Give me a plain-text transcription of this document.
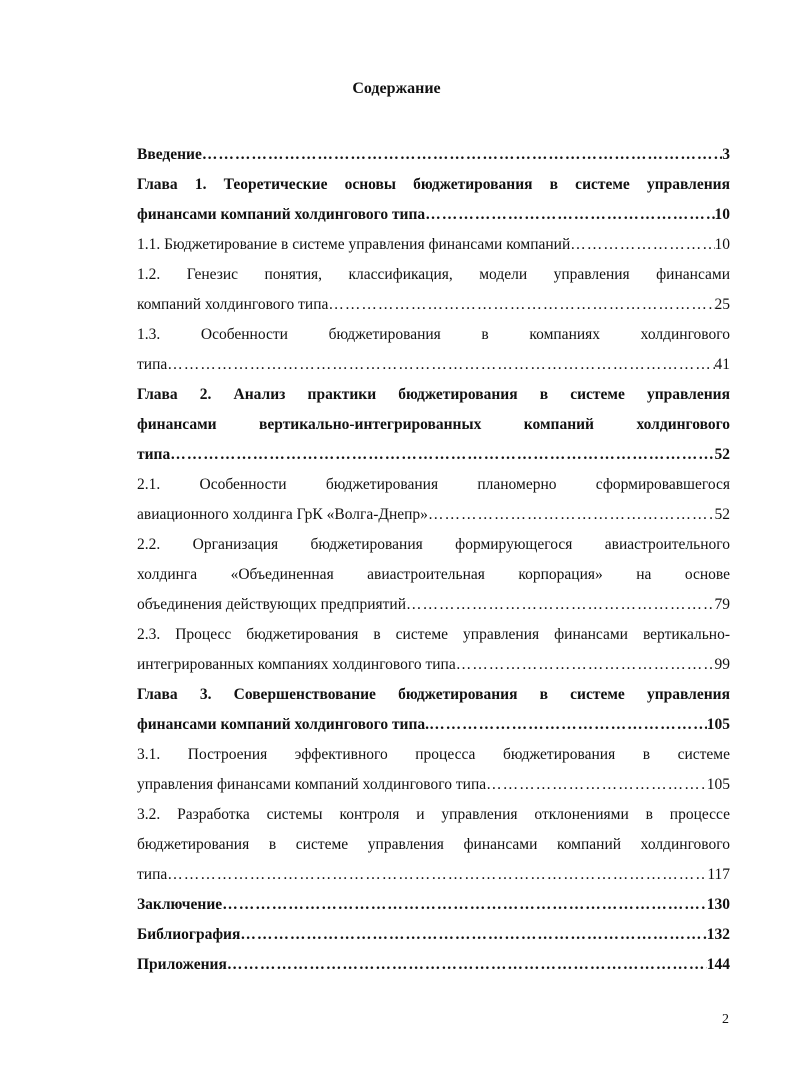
Содержание
Введение ………………………………………………………………………………………………………………………………………………	3
Глава 1. Теоретические основы бюджетирования в системе управления
финансами компаний холдингового типа ………………………………………………………………………………………………………………………………………………	10
1.1. Бюджетирование в системе управления финансами компаний ………………………………………………………………………………………………………………………………………………	10
1.2. Генезис понятия, классификация, модели управления финансами
компаний холдингового типа ………………………………………………………………………………………………………………………………………………	25
1.3. Особенности бюджетирования в компаниях холдингового
типа ………………………………………………………………………………………………………………………………………………	41
Глава 2. Анализ практики бюджетирования в системе управления
финансами вертикально-интегрированных компаний холдингового
типа ………………………………………………………………………………………………………………………………………………	52
2.1. Особенности бюджетирования планомерно сформировавшегося
авиационного холдинга ГрК «Волга-Днепр» ………………………………………………………………………………………………………………………………………………	52
2.2. Организация бюджетирования формирующегося авиастроительного
холдинга «Объединенная авиастроительная корпорация» на основе
объединения действующих предприятий ………………………………………………………………………………………………………………………………………………	79
2.3. Процесс бюджетирования в системе управления финансами вертикально-
интегрированных компаниях холдингового типа ………………………………………………………………………………………………………………………………………………	99
Глава 3. Совершенствование бюджетирования в системе управления
финансами компаний холдингового типа. ………………………………………………………………………………………………………………………………………………	105
3.1. Построения эффективного процесса бюджетирования в системе
управления финансами компаний холдингового типа ………………………………………………………………………………………………………………………………………………	105
3.2. Разработка системы контроля и управления отклонениями в процессе
бюджетирования в системе управления финансами компаний холдингового
типа ………………………………………………………………………………………………………………………………………………	117
Заключение ………………………………………………………………………………………………………………………………………………	130
Библиография ………………………………………………………………………………………………………………………………………………	132
Приложения ………………………………………………………………………………………………………………………………………………	144
2
